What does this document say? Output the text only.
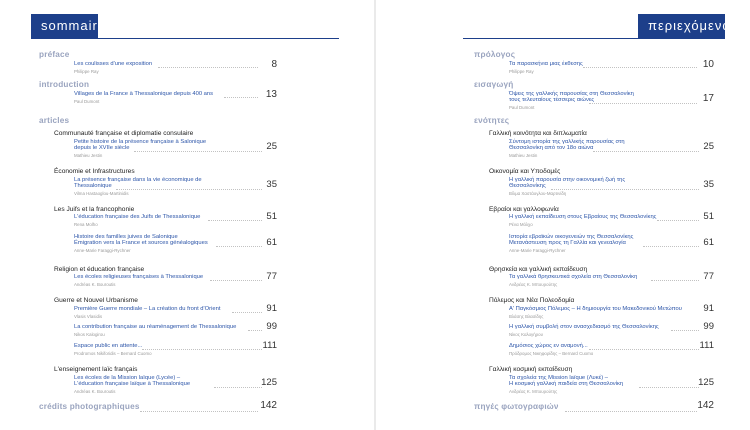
sommaire
préface
Les coulisses d'une exposition	8
Philippe Ray
introduction
Villages de la France à Thessalonique depuis 400 ans	13
Paul Dumont
articles
Communauté française et diplomatie consulaire
Petite histoire de la présence française à Salonique
depuis le XVIIe siècle	25
Mathieu Jestin
Économie et Infrastructures
La présence française dans la vie économique de
Thessalonique	35
Vilma Hastaoglou-Martinidis
Les Juifs et la francophonie
L'éducation française des Juifs de Thessalonique	51
Rena Molho
Histoire des familles juives de Salonique
Émigration vers la France et sources généalogiques	61
Anne-Marie Faraggi-Rychner
Religion et éducation française
Les écoles religieuses françaises à Thessalonique	77
Andréas K. Bouroutis
Guerre et Nouvel Urbanisme
Première Guerre mondiale – La création du front d'Orient	91
Vlasis Vlasidis
La contribution française au réaménagement de Thessalonique	99
Nikos Kalogirou
Espace public en attente...	111
Prodromos Nikiforidis – Bernard Cuomo
L'enseignement laïc français
Les écoles de la Mission laïque (Lycée) –
L'éducation française laïque à Thessalonique	125
Andréas K. Bouroutis
crédits photographiques	142
περιεχόμενα
πρόλογος
Τα παρασκήνια μιας έκθεσης	10
Philippe Ray
εισαγωγή
Όψεις της γαλλικής παρουσίας στη Θεσσαλονίκη
τους τελευταίους τέσσερις αιώνες	17
Paul Dumont
ενότητες
Γαλλική κοινότητα και διπλωματία
Σύντομη ιστορία της γαλλικής παρουσίας στη
Θεσσαλονίκη από τον 18ο αιώνα	25
Mathieu Jestin
Οικονομία και Υποδομές
Η γαλλική παρουσία στην οικονομική ζωή της
Θεσσαλονίκης	35
Βίλμα Χαστάογλου-Μαρτινίδη
Εβραίοι και γαλλοφωνία
Η γαλλική εκπαίδευση στους Εβραίους της Θεσσαλονίκης	51
Ρένα Μόλχο
Ιστορία εβραϊκών οικογενειών της Θεσσαλονίκης
Μετανάστευση προς τη Γαλλία και γενεαλογία	61
Anne-Marie Faraggi-Rychner
Θρησκεία και γαλλική εκπαίδευση
Τα γαλλικά θρησκευτικά σχολεία στη Θεσσαλονίκη	77
Ανδρέας Κ. Μπουρούτης
Πόλεμος και Νέα Πολεοδομία
Α' Παγκόσμιος Πόλεμος – Η δημιουργία του Μακεδονικού Μετώπου	91
Βλάσης Βλασίδης
Η γαλλική συμβολή στον ανασχεδιασμό της Θεσσαλονίκης	99
Νίκος Καλογήρου
Δημόσιος χώρος εν αναμονή...	111
Πρόδρομος Νικηφορίδης – Bernard Cuomo
Γαλλική κοσμική εκπαίδευση
Τα σχολεία της Mission laïque (Λυκέ) –
Η κοσμική γαλλική παιδεία στη Θεσσαλονίκη	125
Ανδρέας Κ. Μπουρούτης
πηγές φωτογραφιών	142
